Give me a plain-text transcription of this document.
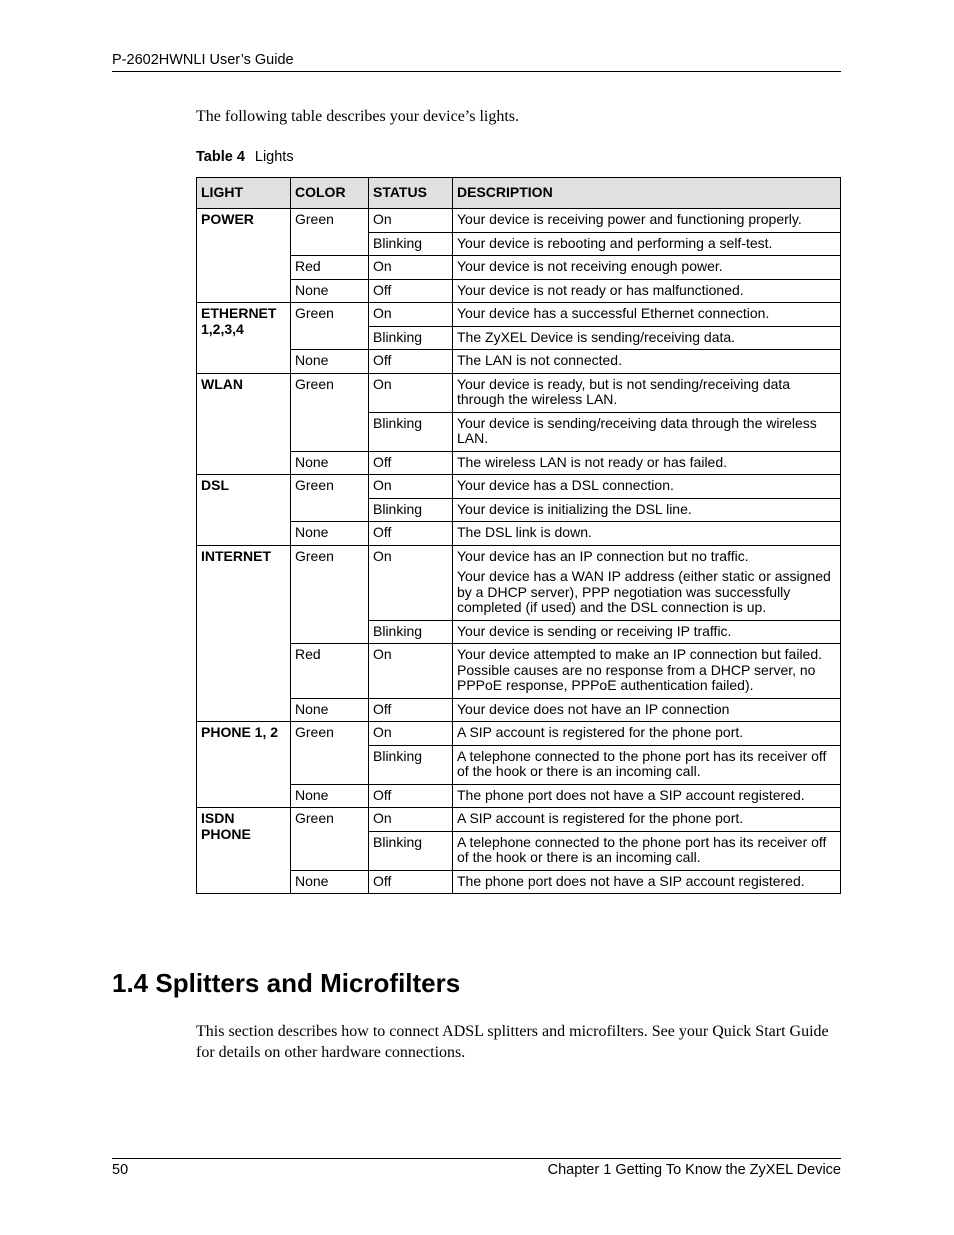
P-2602HWNLI User’s Guide

The following table describes your device’s lights.

Table 4 Lights
LIGHT	COLOR	STATUS	DESCRIPTION
POWER	Green	On	Your device is receiving power and functioning properly.

		Blinking	Your device is rebooting and performing a self-test.

	Red	On	Your device is not receiving enough power.

	None	Off	Your device is not ready or has malfunctioned.

ETHERNET 1,2,3,4	Green	On	Your device has a successful Ethernet connection.

		Blinking	The ZyXEL Device is sending/receiving data.

	None	Off	The LAN is not connected.

WLAN	Green	On	Your device is ready, but is not sending/receiving data through the wireless LAN.

		Blinking	Your device is sending/receiving data through the wireless LAN.

	None	Off	The wireless LAN is not ready or has failed.

DSL	Green	On	Your device has a DSL connection.

		Blinking	Your device is initializing the DSL line.

	None	Off	The DSL link is down.

INTERNET	Green	On	Your device has an IP connection but no traffic.
Your device has a WAN IP address (either static or assigned by a DHCP server), PPP negotiation was successfully completed (if used) and the DSL connection is up.

		Blinking	Your device is sending or receiving IP traffic.

	Red	On	Your device attempted to make an IP connection but failed. Possible causes are no response from a DHCP server, no PPPoE response, PPPoE authentication failed).

	None	Off	Your device does not have an IP connection

PHONE 1, 2	Green	On	A SIP account is registered for the phone port.

		Blinking	A telephone connected to the phone port has its receiver off of the hook or there is an incoming call.

	None	Off	The phone port does not have a SIP account registered.

ISDN PHONE	Green	On	A SIP account is registered for the phone port.

		Blinking	A telephone connected to the phone port has its receiver off of the hook or there is an incoming call.

	None	Off	The phone port does not have a SIP account registered.
1.4 Splitters and Microfilters

This section describes how to connect ADSL splitters and microfilters. See your Quick Start Guide for details on other hardware connections.

50	Chapter 1 Getting To Know the ZyXEL Device
